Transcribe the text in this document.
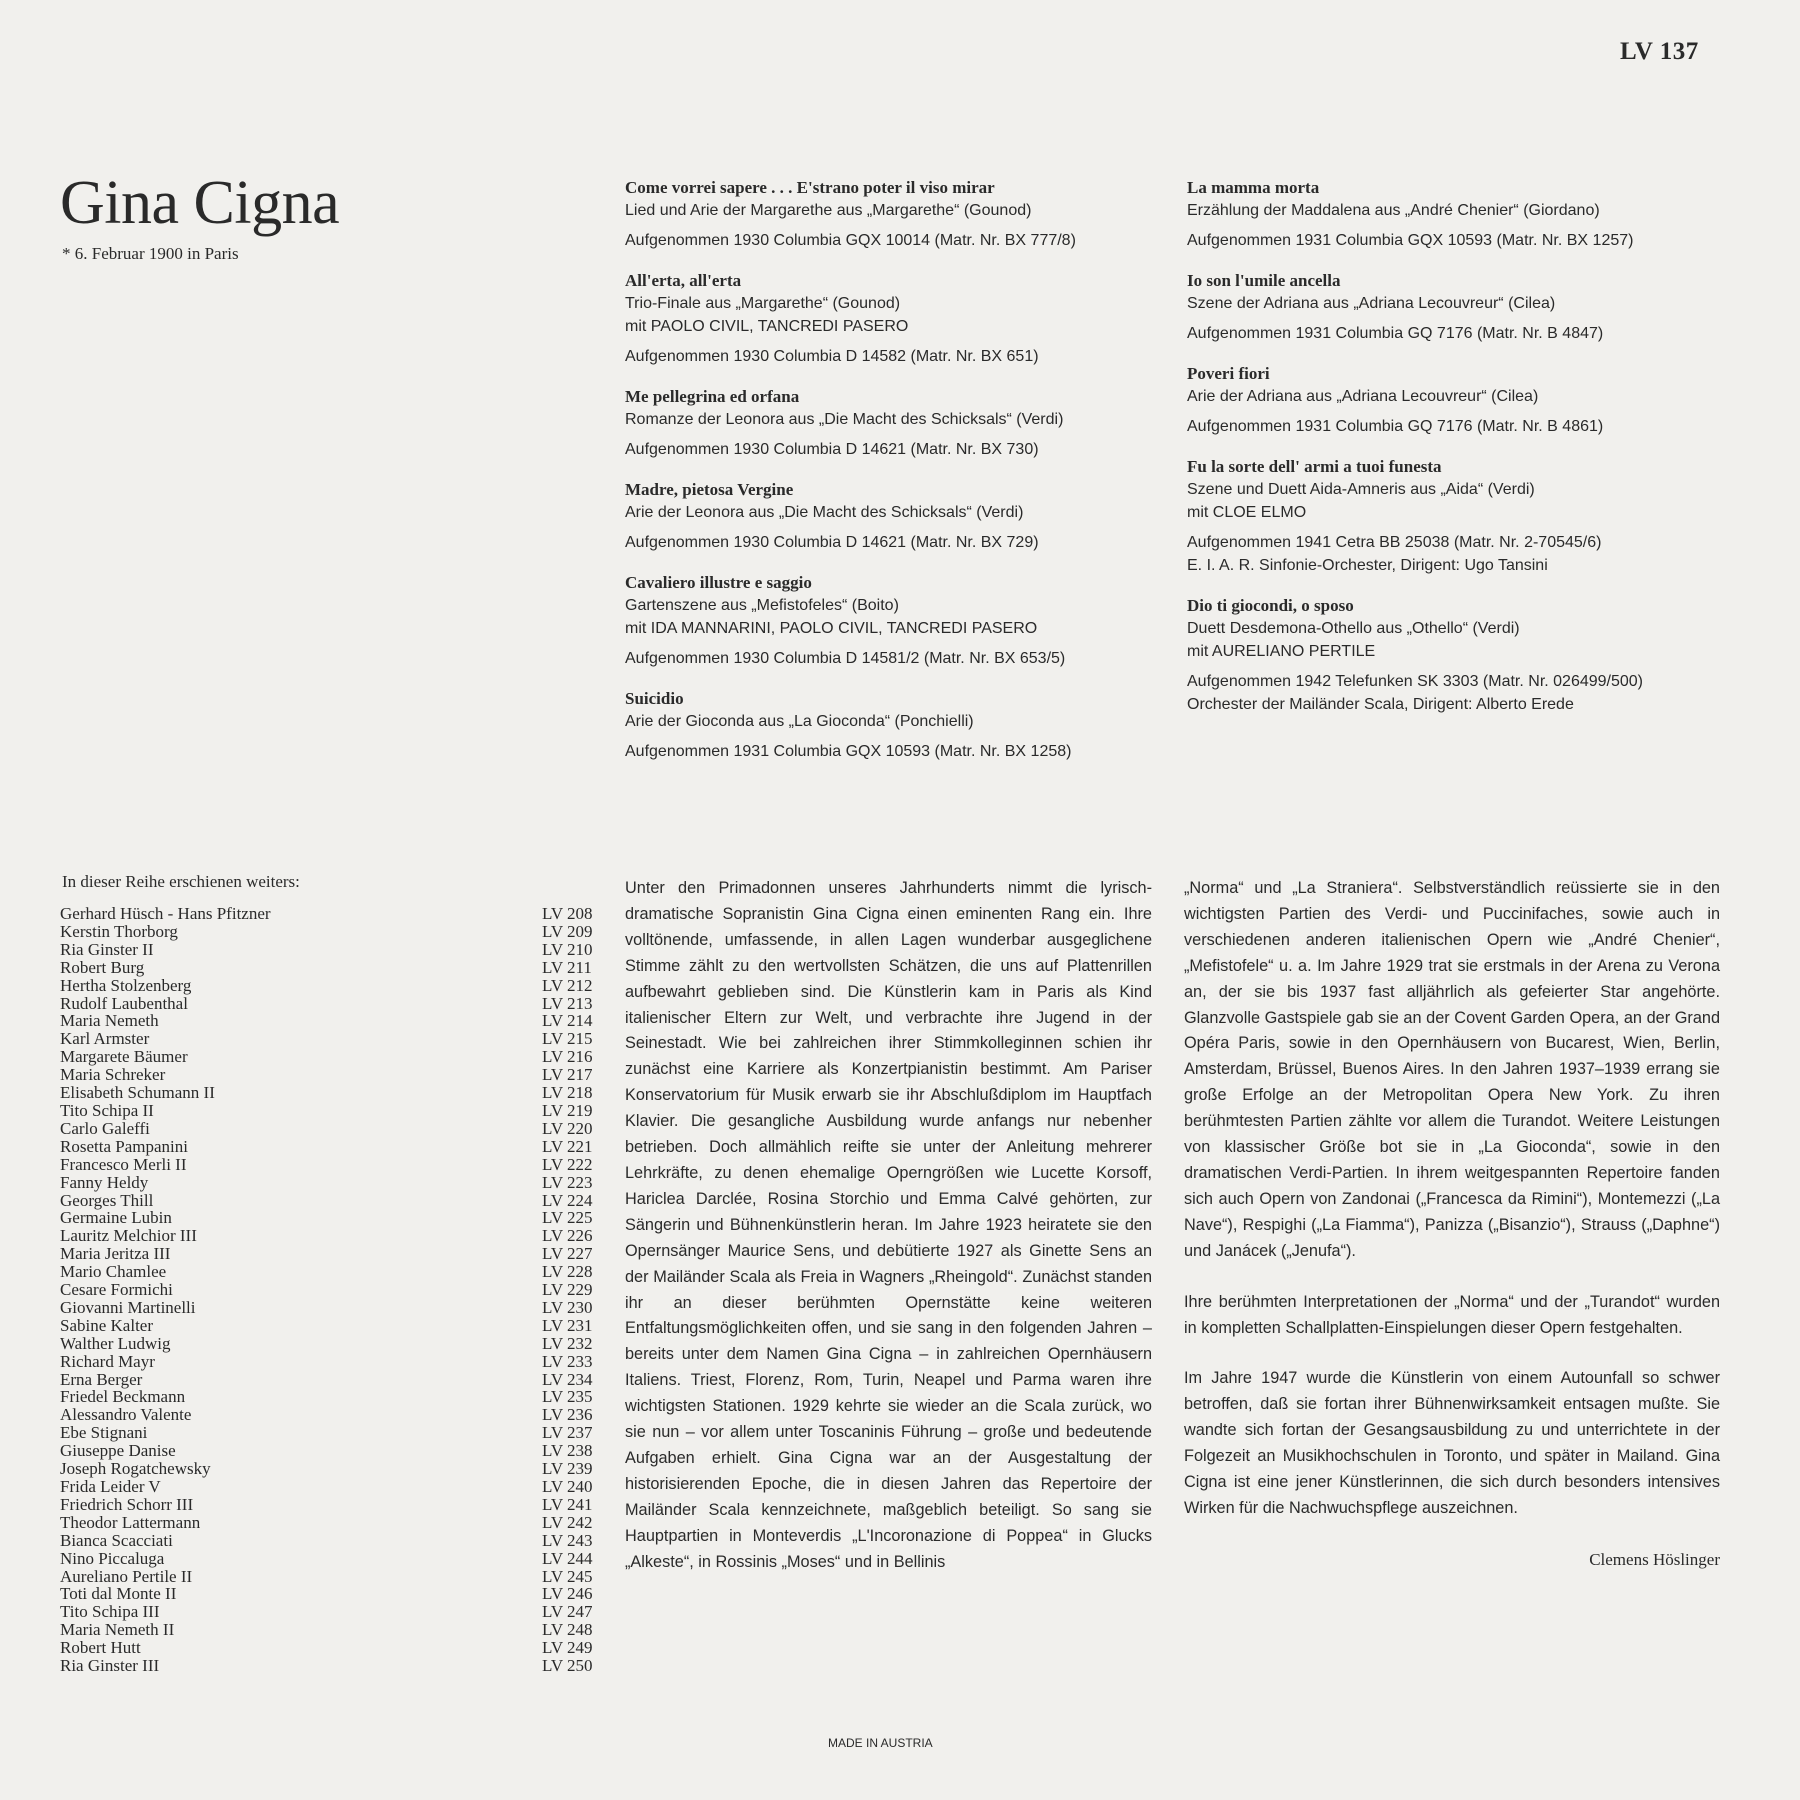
LV 137
Gina Cigna
* 6. Februar 1900 in Paris
Come vorrei sapere . . . E'strano poter il viso mirar
Lied und Arie der Margarethe aus „Margarethe“ (Gounod)
Aufgenommen 1930 Columbia GQX 10014 (Matr. Nr. BX 777/8)
All'erta, all'erta
Trio-Finale aus „Margarethe“ (Gounod)
mit PAOLO CIVIL, TANCREDI PASERO
Aufgenommen 1930 Columbia D 14582 (Matr. Nr. BX 651)
Me pellegrina ed orfana
Romanze der Leonora aus „Die Macht des Schicksals“ (Verdi)
Aufgenommen 1930 Columbia D 14621 (Matr. Nr. BX 730)
Madre, pietosa Vergine
Arie der Leonora aus „Die Macht des Schicksals“ (Verdi)
Aufgenommen 1930 Columbia D 14621 (Matr. Nr. BX 729)
Cavaliero illustre e saggio
Gartenszene aus „Mefistofeles“ (Boito)
mit IDA MANNARINI, PAOLO CIVIL, TANCREDI PASERO
Aufgenommen 1930 Columbia D 14581/2 (Matr. Nr. BX 653/5)
Suicidio
Arie der Gioconda aus „La Gioconda“ (Ponchielli)
Aufgenommen 1931 Columbia GQX 10593 (Matr. Nr. BX 1258)
La mamma morta
Erzählung der Maddalena aus „André Chenier“ (Giordano)
Aufgenommen 1931 Columbia GQX 10593 (Matr. Nr. BX 1257)
Io son l'umile ancella
Szene der Adriana aus „Adriana Lecouvreur“ (Cilea)
Aufgenommen 1931 Columbia GQ 7176 (Matr. Nr. B 4847)
Poveri fiori
Arie der Adriana aus „Adriana Lecouvreur“ (Cilea)
Aufgenommen 1931 Columbia GQ 7176 (Matr. Nr. B 4861)
Fu la sorte dell' armi a tuoi funesta
Szene und Duett Aida-Amneris aus „Aida“ (Verdi)
mit CLOE ELMO
Aufgenommen 1941 Cetra BB 25038 (Matr. Nr. 2-70545/6)
E. I. A. R. Sinfonie-Orchester, Dirigent: Ugo Tansini
Dio ti giocondi, o sposo
Duett Desdemona-Othello aus „Othello“ (Verdi)
mit AURELIANO PERTILE
Aufgenommen 1942 Telefunken SK 3303 (Matr. Nr. 026499/500)
Orchester der Mailänder Scala, Dirigent: Alberto Erede
In dieser Reihe erschienen weiters:
Gerhard Hüsch - Hans Pfitzner	LV 208
Kerstin Thorborg	LV 209
Ria Ginster II	LV 210
Robert Burg	LV 211
Hertha Stolzenberg	LV 212
Rudolf Laubenthal	LV 213
Maria Nemeth	LV 214
Karl Armster	LV 215
Margarete Bäumer	LV 216
Maria Schreker	LV 217
Elisabeth Schumann II	LV 218
Tito Schipa II	LV 219
Carlo Galeffi	LV 220
Rosetta Pampanini	LV 221
Francesco Merli II	LV 222
Fanny Heldy	LV 223
Georges Thill	LV 224
Germaine Lubin	LV 225
Lauritz Melchior III	LV 226
Maria Jeritza III	LV 227
Mario Chamlee	LV 228
Cesare Formichi	LV 229
Giovanni Martinelli	LV 230
Sabine Kalter	LV 231
Walther Ludwig	LV 232
Richard Mayr	LV 233
Erna Berger	LV 234
Friedel Beckmann	LV 235
Alessandro Valente	LV 236
Ebe Stignani	LV 237
Giuseppe Danise	LV 238
Joseph Rogatchewsky	LV 239
Frida Leider V	LV 240
Friedrich Schorr III	LV 241
Theodor Lattermann	LV 242
Bianca Scacciati	LV 243
Nino Piccaluga	LV 244
Aureliano Pertile II	LV 245
Toti dal Monte II	LV 246
Tito Schipa III	LV 247
Maria Nemeth II	LV 248
Robert Hutt	LV 249
Ria Ginster III	LV 250

Unter den Primadonnen unseres Jahrhunderts nimmt die lyrisch-dramatische Sopranistin Gina Cigna einen eminenten Rang ein. Ihre volltönende, umfassende, in allen Lagen wunderbar ausgeglichene Stimme zählt zu den wertvollsten Schätzen, die uns auf Plattenrillen aufbewahrt geblieben sind. Die Künstlerin kam in Paris als Kind italienischer Eltern zur Welt, und verbrachte ihre Jugend in der Seinestadt. Wie bei zahlreichen ihrer Stimmkolleginnen schien ihr zunächst eine Karriere als Konzertpianistin bestimmt. Am Pariser Konservatorium für Musik erwarb sie ihr Abschlußdiplom im Hauptfach Klavier. Die gesangliche Ausbildung wurde anfangs nur nebenher betrieben. Doch allmählich reifte sie unter der Anleitung mehrerer Lehrkräfte, zu denen ehemalige Operngrößen wie Lucette Korsoff, Hariclea Darclée, Rosina Storchio und Emma Calvé gehörten, zur Sängerin und Bühnenkünstlerin heran. Im Jahre 1923 heiratete sie den Opernsänger Maurice Sens, und debütierte 1927 als Ginette Sens an der Mailänder Scala als Freia in Wagners „Rheingold“. Zunächst standen ihr an dieser berühmten Opernstätte keine weiteren Entfaltungsmöglichkeiten offen, und sie sang in den folgenden Jahren – bereits unter dem Namen Gina Cigna – in zahlreichen Opernhäusern Italiens. Triest, Florenz, Rom, Turin, Neapel und Parma waren ihre wichtigsten Stationen. 1929 kehrte sie wieder an die Scala zurück, wo sie nun – vor allem unter Toscaninis Führung – große und bedeutende Aufgaben erhielt. Gina Cigna war an der Ausgestaltung der historisierenden Epoche, die in diesen Jahren das Repertoire der Mailänder Scala kennzeichnete, maßgeblich beteiligt. So sang sie Hauptpartien in Monteverdis „L'Incoronazione di Poppea“ in Glucks „Alkeste“, in Rossinis „Moses“ und in Bellinis

„Norma“ und „La Straniera“. Selbstverständlich reüssierte sie in den wichtigsten Partien des Verdi- und Puccinifaches, sowie auch in verschiedenen anderen italienischen Opern wie „André Chenier“, „Mefistofele“ u. a. Im Jahre 1929 trat sie erstmals in der Arena zu Verona an, der sie bis 1937 fast alljährlich als gefeierter Star angehörte. Glanzvolle Gastspiele gab sie an der Covent Garden Opera, an der Grand Opéra Paris, sowie in den Opernhäusern von Bucarest, Wien, Berlin, Amsterdam, Brüssel, Buenos Aires. In den Jahren 1937–1939 errang sie große Erfolge an der Metropolitan Opera New York. Zu ihren berühmtesten Partien zählte vor allem die Turandot. Weitere Leistungen von klassischer Größe bot sie in „La Gioconda“, sowie in den dramatischen Verdi-Partien. In ihrem weitgespannten Repertoire fanden sich auch Opern von Zandonai („Francesca da Rimini“), Montemezzi („La Nave“), Respighi („La Fiamma“), Panizza („Bisanzio“), Strauss („Daphne“) und Janácek („Jenufa“).

Ihre berühmten Interpretationen der „Norma“ und der „Turandot“ wurden in kompletten Schallplatten-Einspielungen dieser Opern festgehalten.

Im Jahre 1947 wurde die Künstlerin von einem Autounfall so schwer betroffen, daß sie fortan ihrer Bühnenwirksamkeit entsagen mußte. Sie wandte sich fortan der Gesangsausbildung zu und unterrichtete in der Folgezeit an Musikhochschulen in Toronto, und später in Mailand. Gina Cigna ist eine jener Künstlerinnen, die sich durch besonders intensives Wirken für die Nachwuchspflege auszeichnen.

Clemens Höslinger
MADE IN AUSTRIA
